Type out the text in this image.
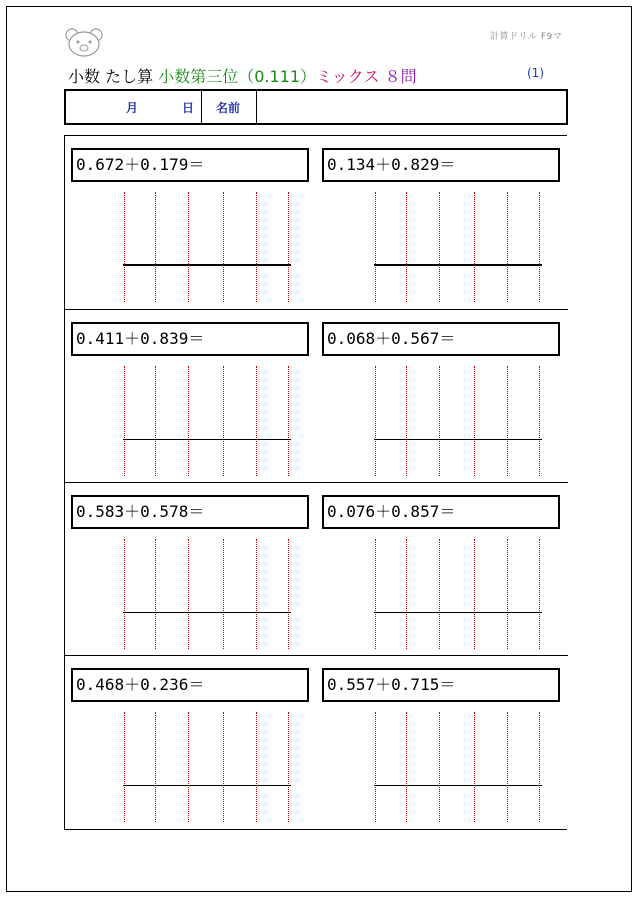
計算ドリル F9マ
小数 たし算 小数第三位（0.111）ミックス ８問	(1)
月	日 名前
0.672＋0.179＝	0.134＋0.829＝
0.411＋0.839＝	0.068＋0.567＝
0.583＋0.578＝	0.076＋0.857＝
0.468＋0.236＝	0.557＋0.715＝
